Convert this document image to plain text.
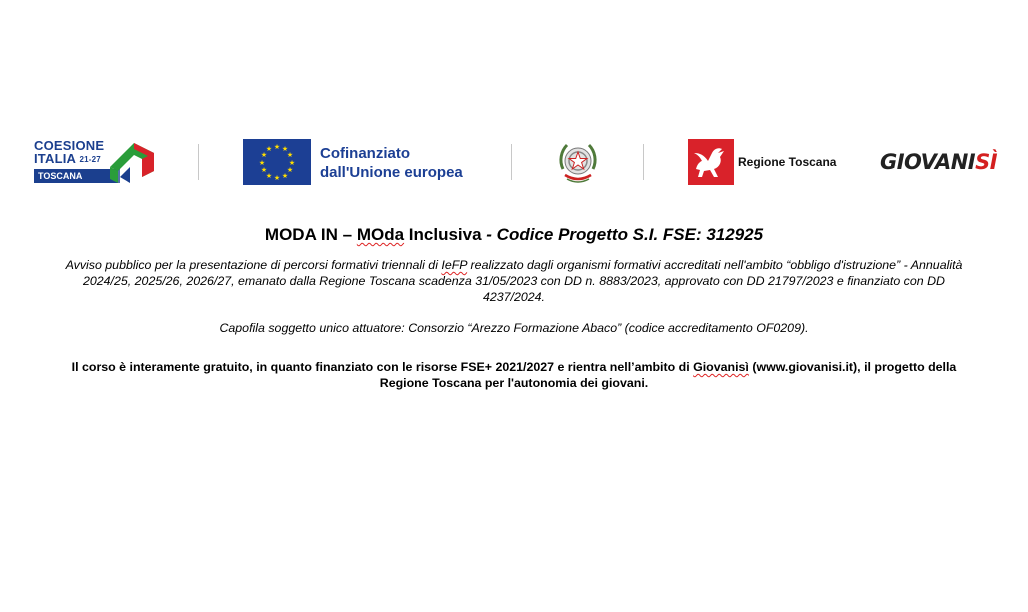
COESIONE
ITALIA $^{21-27}$
TOSCANA
★ ★
★
★
★
★
★
★
★
★
★
★	Cofinanziato
dall'Unione europea
Regione Toscana GIOVANISÌ
MODA IN – MOda Inclusiva - Codice Progetto S.I. FSE: 312925
Avviso pubblico per la presentazione di percorsi formativi triennali di IeFP realizzato dagli organismi formativi accreditati nell'ambito “obbligo d'istruzione” - Annualità 2024/25, 2025/26, 2026/27, emanato dalla Regione Toscana scadenza 31/05/2023 con DD n. 8883/2023, approvato con DD 21797/2023 e finanziato con DD 4237/2024.
Capofila soggetto unico attuatore: Consorzio “Arezzo Formazione Abaco” (codice accreditamento OF0209).
Il corso è interamente gratuito, in quanto finanziato con le risorse FSE+ 2021/2027 e rientra nell’ambito di Giovanisì (www.giovanisi.it), il progetto della Regione Toscana per l'autonomia dei giovani.
